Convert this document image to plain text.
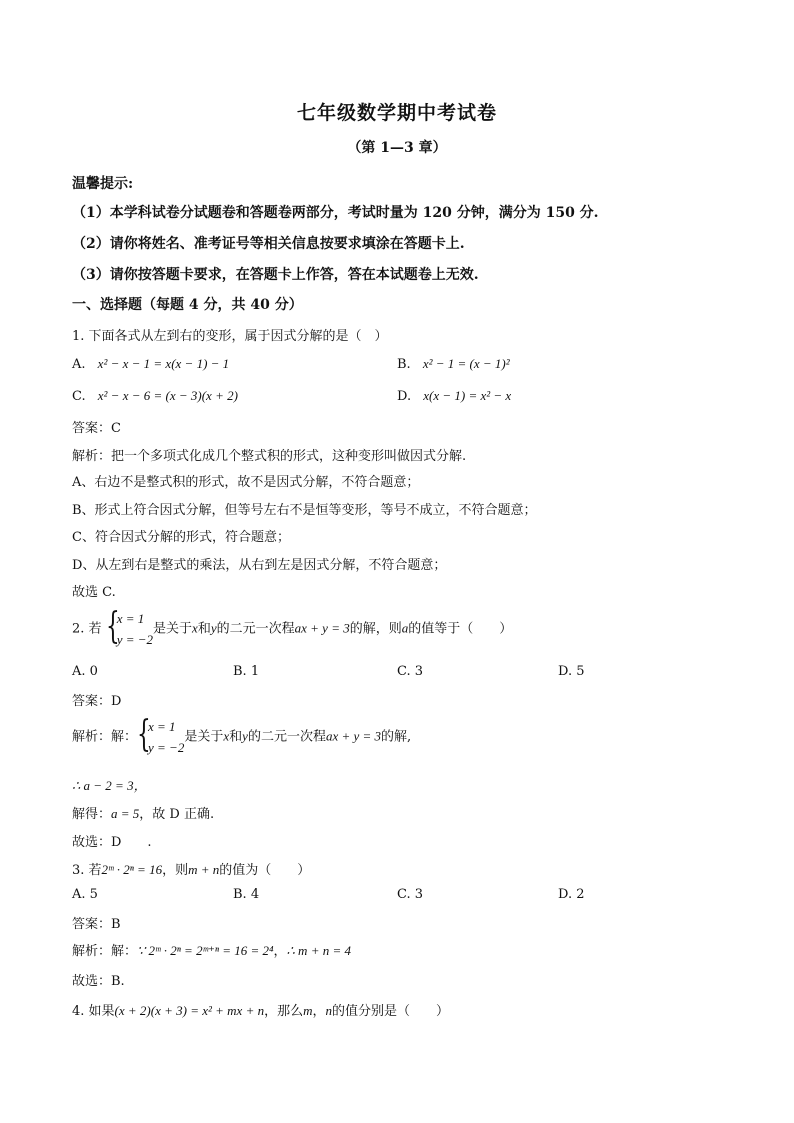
七年级数学期中考试卷
（第 1—3 章）
温馨提示:
（1）本学科试卷分试题卷和答题卷两部分，考试时量为 120 分钟，满分为 150 分.
（2）请你将姓名、准考证号等相关信息按要求填涂在答题卡上.
（3）请你按答题卡要求，在答题卡上作答，答在本试题卷上无效.
一、选择题（每题 4 分，共 40 分）
1. 下面各式从左到右的变形，属于因式分解的是（　）
A. x² − x − 1 = x(x − 1) − 1	B. x² − 1 = (x − 1)²
C. x² − x − 6 = (x − 3)(x + 2)	D. x(x − 1) = x² − x
答案：C
解析：把一个多项式化成几个整式积的形式，这种变形叫做因式分解.
A、右边不是整式积的形式，故不是因式分解，不符合题意；
B、形式上符合因式分解，但等号左右不是恒等变形，等号不成立，不符合题意；
C、符合因式分解的形式，符合题意；
D、从左到右是整式的乘法，从右到左是因式分解，不符合题意；
故选 C.
2. 若 {
x = 1
y = −2
是关于x和y的二元一次程ax + y = 3的解，则a的值等于（　　）
A. 0	B. 1	C. 3	D. 5
答案：D
解析：解： {
x = 1
y = −2
是关于x和y的二元一次程ax + y = 3的解,
∴ a − 2 = 3，
解得：a = 5，故 D 正确.
故选：D　　.
3. 若2ᵐ · 2ⁿ = 16，则m + n的值为（　　）
A. 5	B. 4	C. 3	D. 2
答案：B
解析：解：∵ 2ᵐ · 2ⁿ = 2ᵐ⁺ⁿ = 16 = 2⁴，∴ m + n = 4
故选：B.
4. 如果(x + 2)(x + 3) = x² + mx + n，那么m，n的值分别是（　　）
